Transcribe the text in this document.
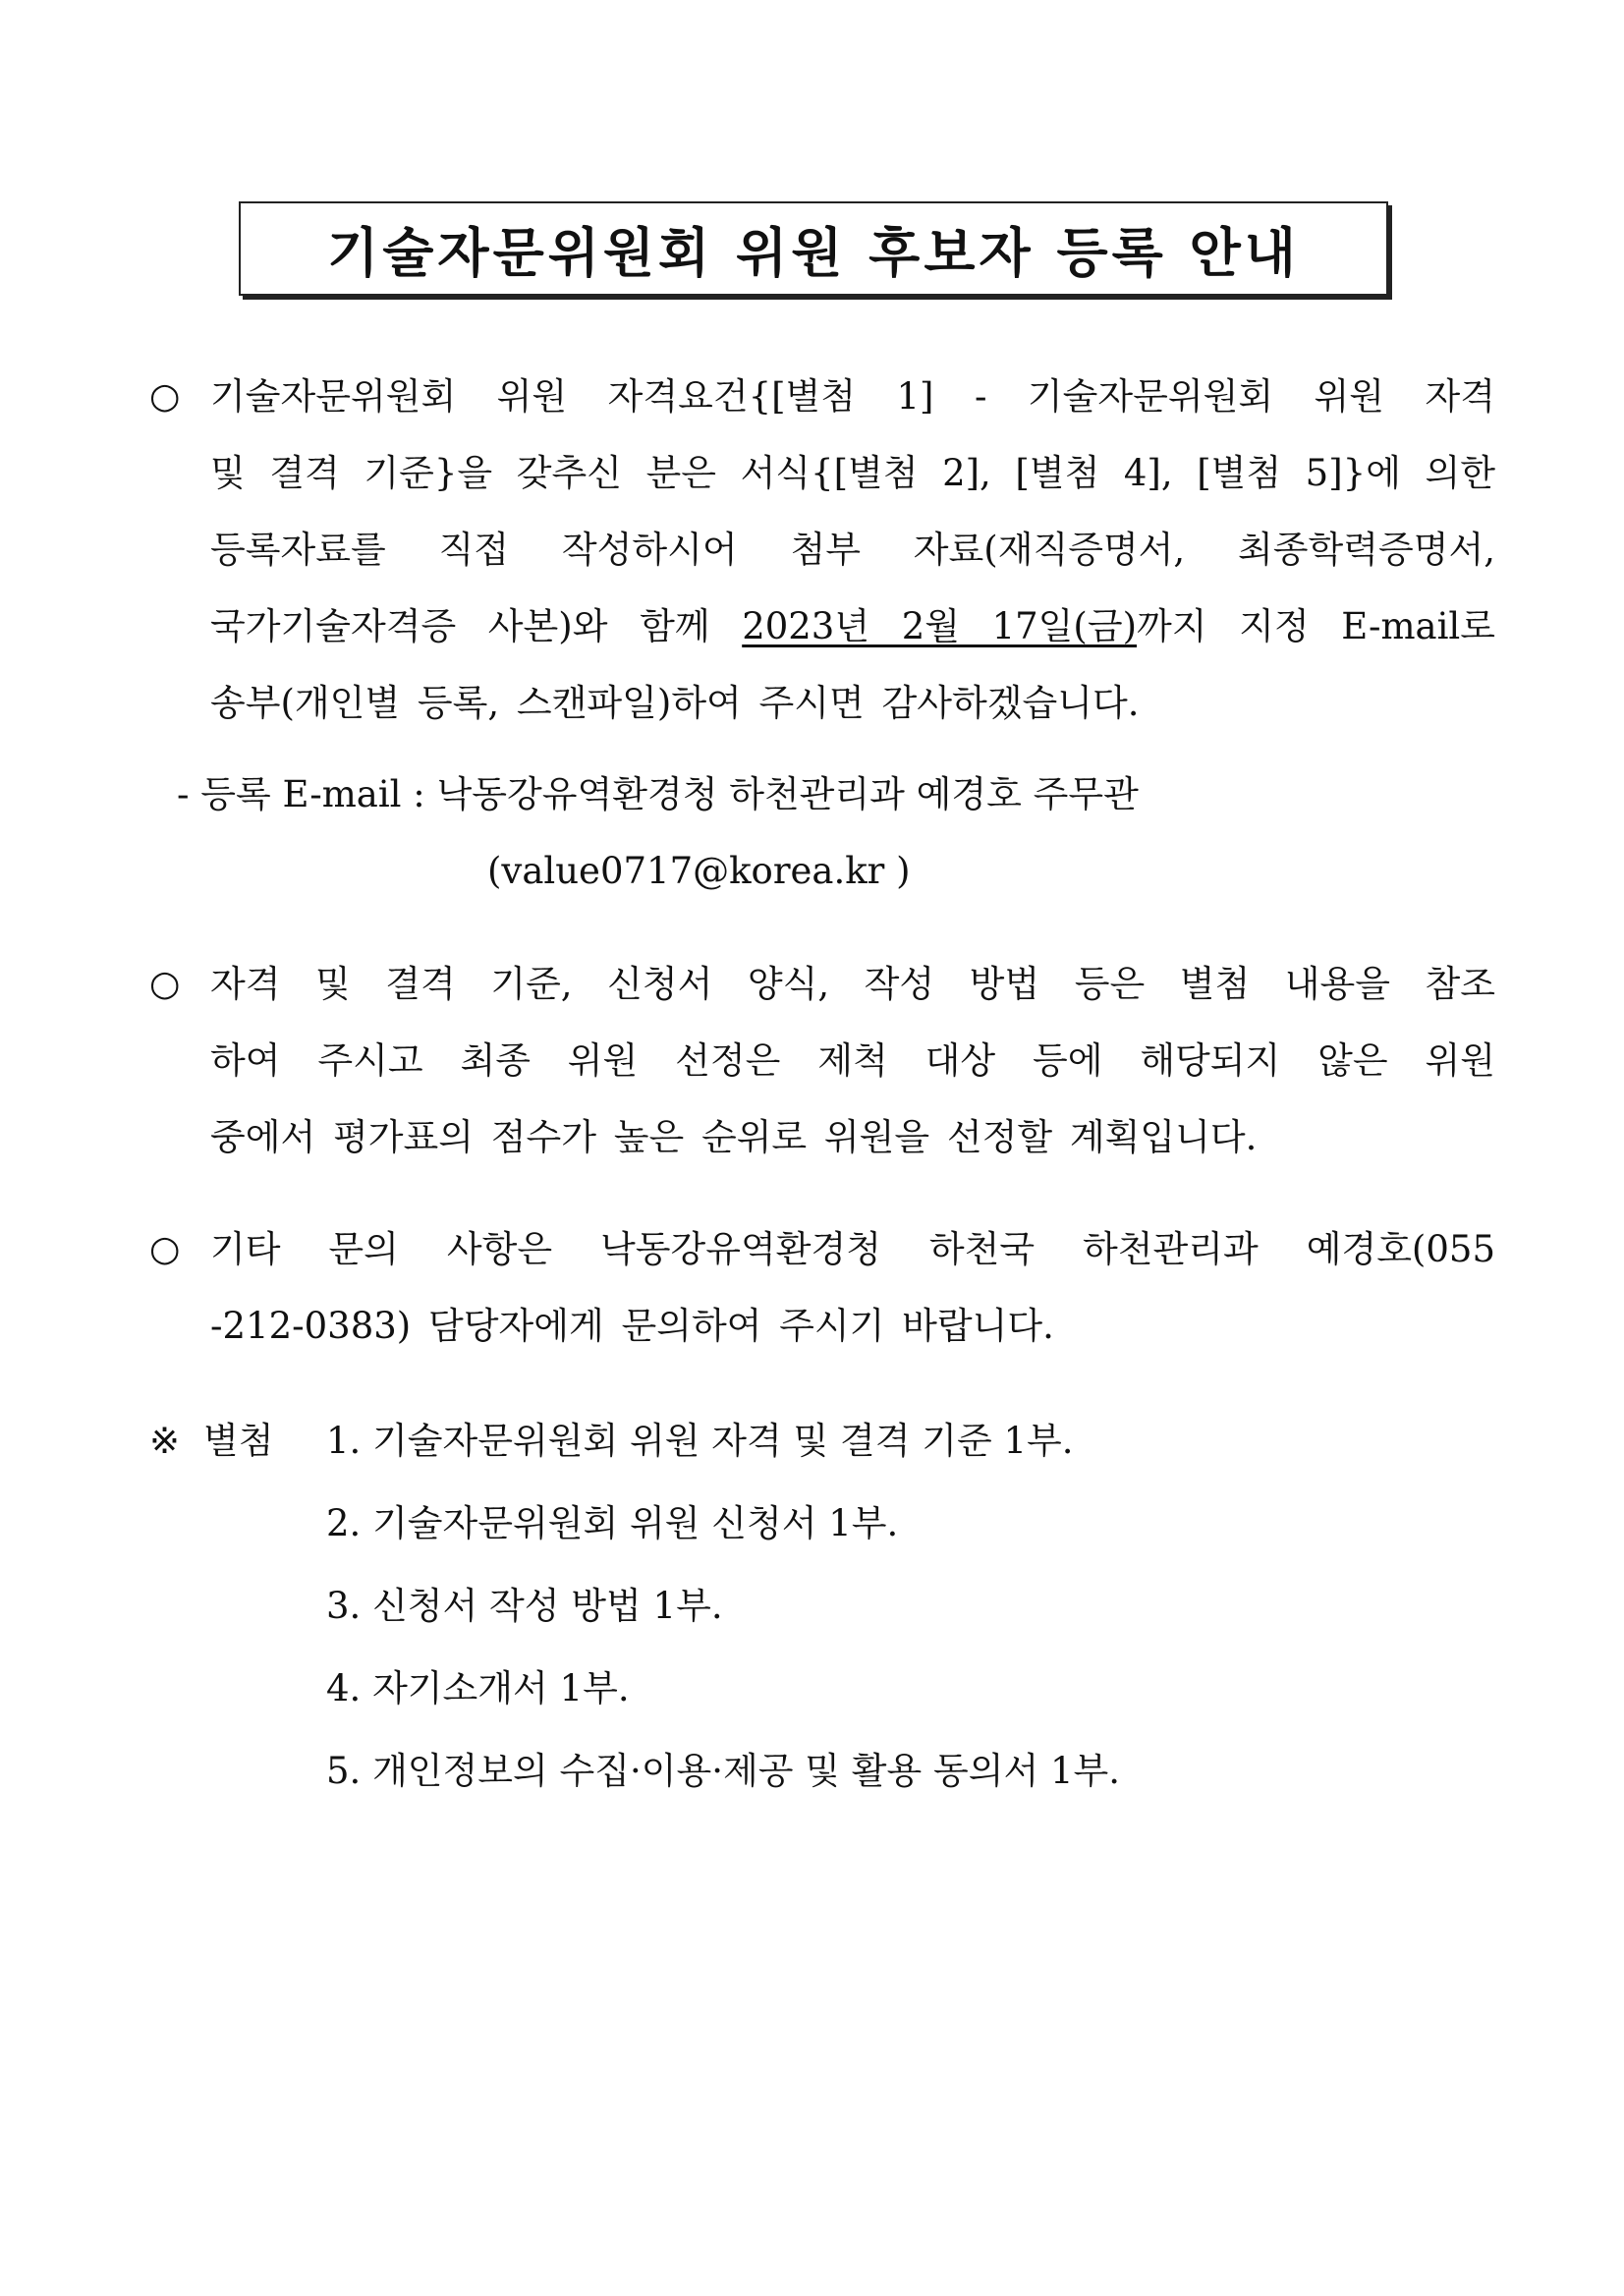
기술자문위원회 위원 후보자 등록 안내
○ 기술자문위원회 위원 자격요건{[별첨 1] - 기술자문위원회 위원 자격
및 결격 기준}을 갖추신 분은 서식{[별첨 2], [별첨 4], [별첨 5]}에 의한
등록자료를 직접 작성하시어 첨부 자료(재직증명서, 최종학력증명서,
국가기술자격증 사본)와 함께 2023년 2월 17일(금)까지 지정 E-mail로
송부(개인별 등록, 스캔파일)하여 주시면 감사하겠습니다.
- 등록 E-mail : 낙동강유역환경청 하천관리과 예경호 주무관
(value0717@korea.kr )
○ 자격 및 결격 기준, 신청서 양식, 작성 방법 등은 별첨 내용을 참조
하여 주시고 최종 위원 선정은 제척 대상 등에 해당되지 않은 위원
중에서 평가표의 점수가 높은 순위로 위원을 선정할 계획입니다.
○ 기타 문의 사항은 낙동강유역환경청 하천국 하천관리과 예경호(055
-212-0383) 담당자에게 문의하여 주시기 바랍니다.
※ 별첨 1. 기술자문위원회 위원 자격 및 결격 기준 1부.
2. 기술자문위원회 위원 신청서 1부.
3. 신청서 작성 방법 1부.
4. 자기소개서 1부.
5. 개인정보의 수집·이용·제공 및 활용 동의서 1부.
